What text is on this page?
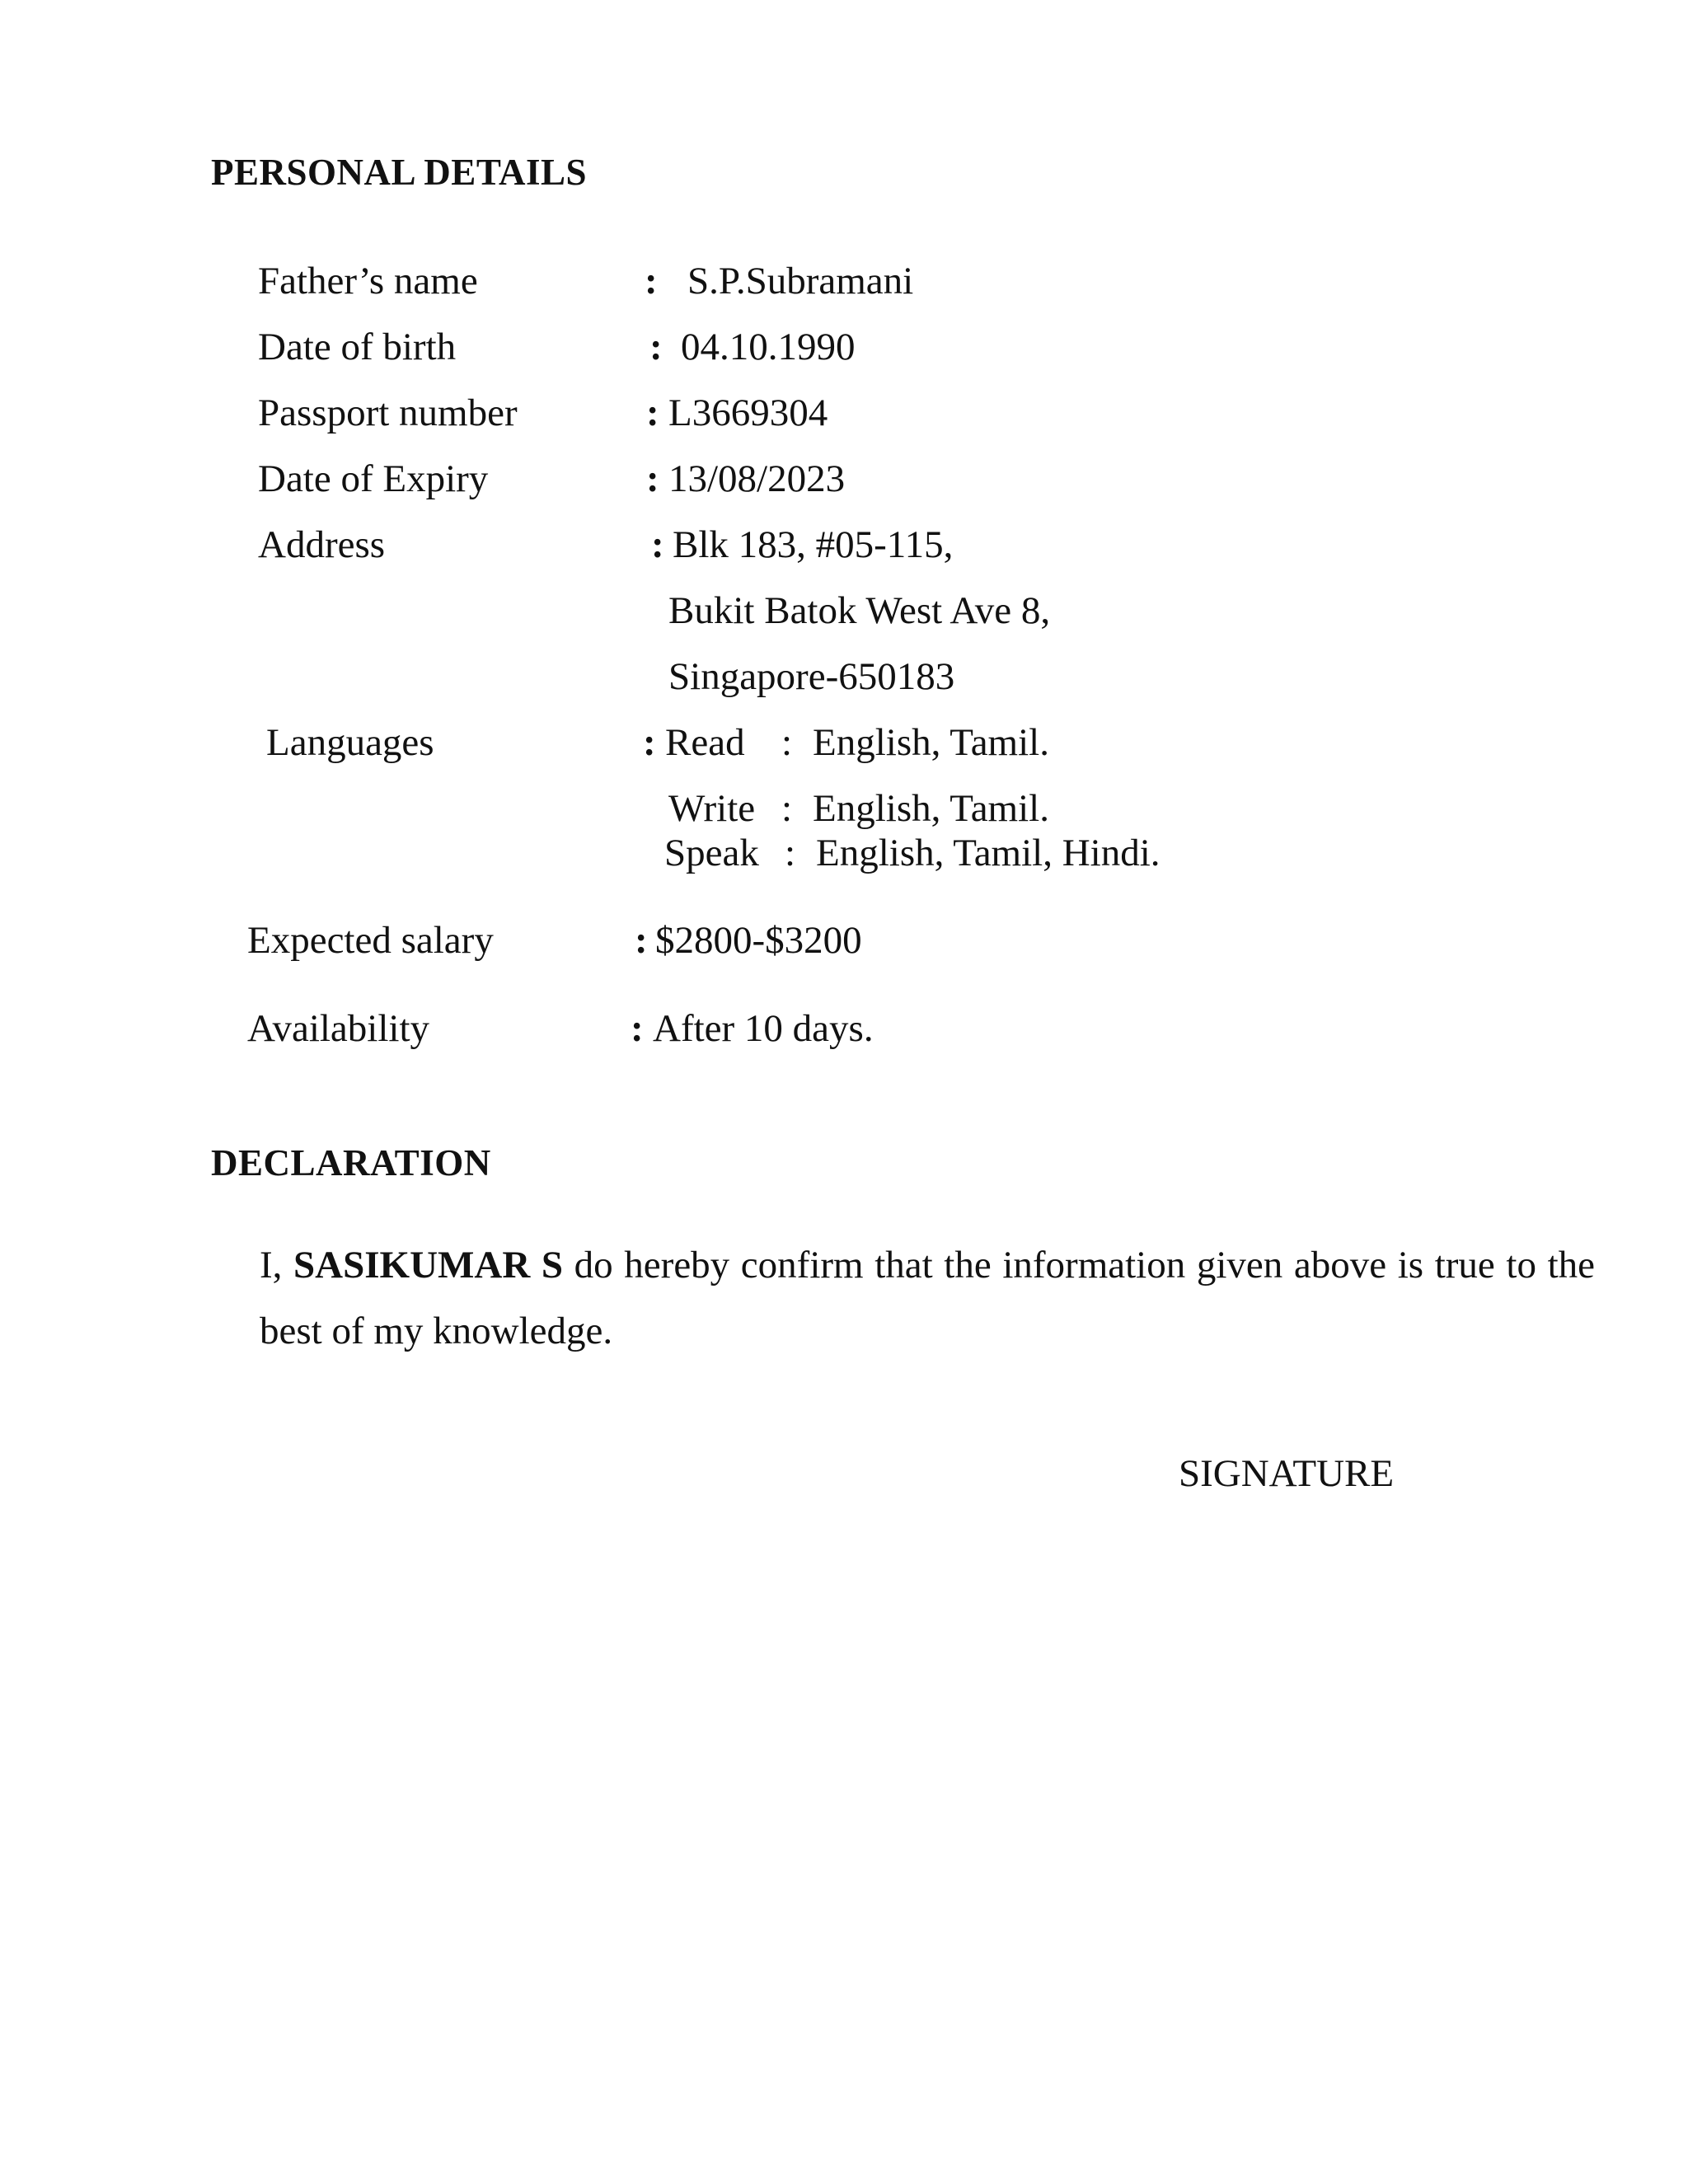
PERSONAL DETAILS
Father’s name	: S.P.Subramani
Date of birth	: 04.10.1990
Passport number	: L3669304
Date of Expiry	: 13/08/2023
Address	: Blk 183, #05-115,
Bukit Batok West Ave 8,
Singapore-650183
Languages	: Read : English, Tamil.
Write : English, Tamil.
Speak : English, Tamil, Hindi.
Expected salary	: $2800-$3200
Availability	: After 10 days.
DECLARATION
I, SASIKUMAR S do hereby confirm that the information given above is true to the best of my knowledge.
SIGNATURE
